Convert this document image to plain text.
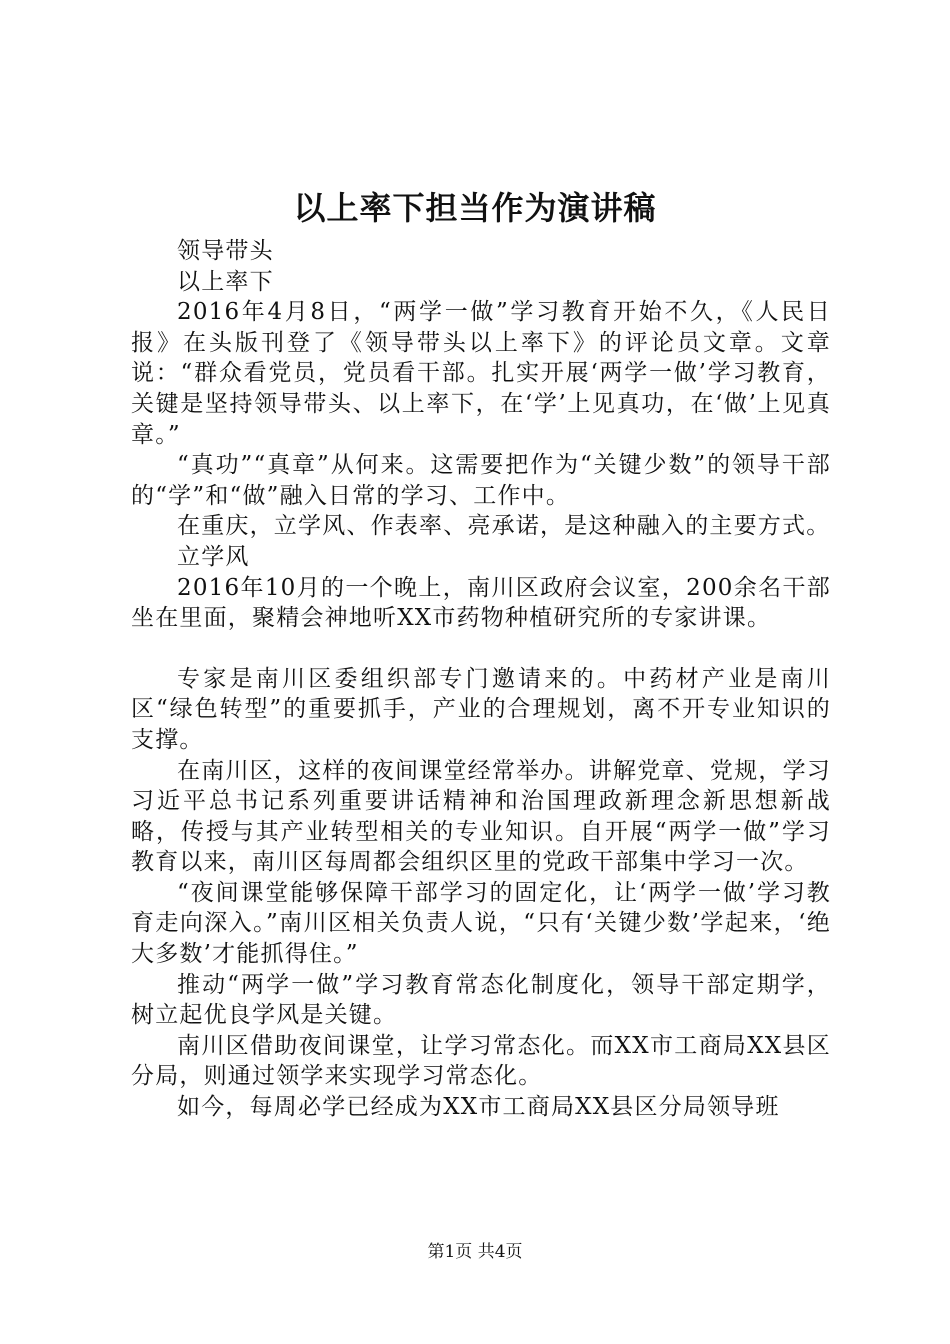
以上率下担当作为演讲稿

领导带头

以上率下

2016年4月8日，“两学一做”学习教育开始不久，《人民日报》在头版刊登了《领导带头以上率下》的评论员文章。文章说：“群众看党员，党员看干部。扎实开展‘两学一做’学习教育，关键是坚持领导带头、以上率下，在‘学’上见真功，在‘做’上见真章。”

“真功”“真章”从何来。这需要把作为“关键少数”的领导干部的“学”和“做”融入日常的学习、工作中。

在重庆，立学风、作表率、亮承诺，是这种融入的主要方式。

立学风

2016年10月的一个晚上，南川区政府会议室，200余名干部坐在里面，聚精会神地听XX市药物种植研究所的专家讲课。

专家是南川区委组织部专门邀请来的。中药材产业是南川区“绿色转型”的重要抓手，产业的合理规划，离不开专业知识的支撑。

在南川区，这样的夜间课堂经常举办。讲解党章、党规，学习习近平总书记系列重要讲话精神和治国理政新理念新思想新战略，传授与其产业转型相关的专业知识。自开展“两学一做”学习教育以来，南川区每周都会组织区里的党政干部集中学习一次。

“夜间课堂能够保障干部学习的固定化，让‘两学一做’学习教育走向深入。”南川区相关负责人说，“只有‘关键少数’学起来，‘绝大多数’才能抓得住。”

推动“两学一做”学习教育常态化制度化，领导干部定期学，树立起优良学风是关键。

南川区借助夜间课堂，让学习常态化。而XX市工商局XX县区分局，则通过领学来实现学习常态化。

如今，每周必学已经成为XX市工商局XX县区分局领导班

第1页 共4页
